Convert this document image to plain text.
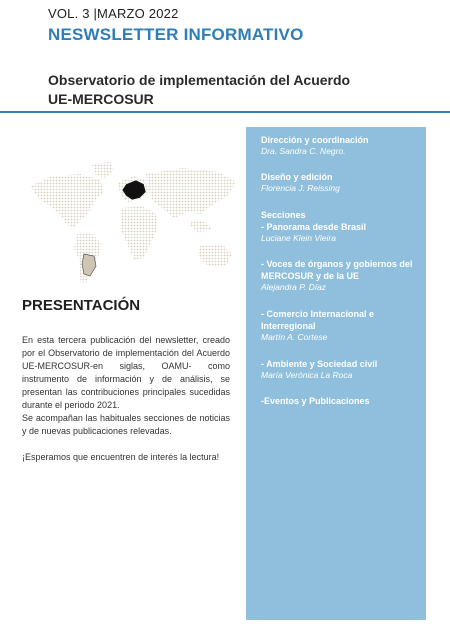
VOL. 3 |MARZO 2022
NESWSLETTER INFORMATIVO
Observatorio de implementación del Acuerdo UE-MERCOSUR
PRESENTACIÓN

En esta tercera publicación del newsletter, creado por el Observatorio de implementación del Acuerdo UE-MERCOSUR-en siglas, OAMU- como instrumento de información y de análisis, se presentan las contribuciones principales sucedidas durante el periodo 2021.

Se acompañan las habituales secciones de noticias y de nuevas publicaciones relevadas.

¡Esperamos que encuentren de interés la lectura!

Dirección y coordinación
Dra. Sandra C. Negro.
Diseño y edición
Florencia J. Reissing
Secciones
- Panorama desde Brasil
Luciane Klein Vieira
- Voces de órganos y gobiernos del MERCOSUR y de la UE
Alejandra P. Díaz
- Comercio Internacional e Interregional
Martín A. Cortese
- Ambiente y Sociedad civil
María Verónica La Roca
-Eventos y Publicaciones
